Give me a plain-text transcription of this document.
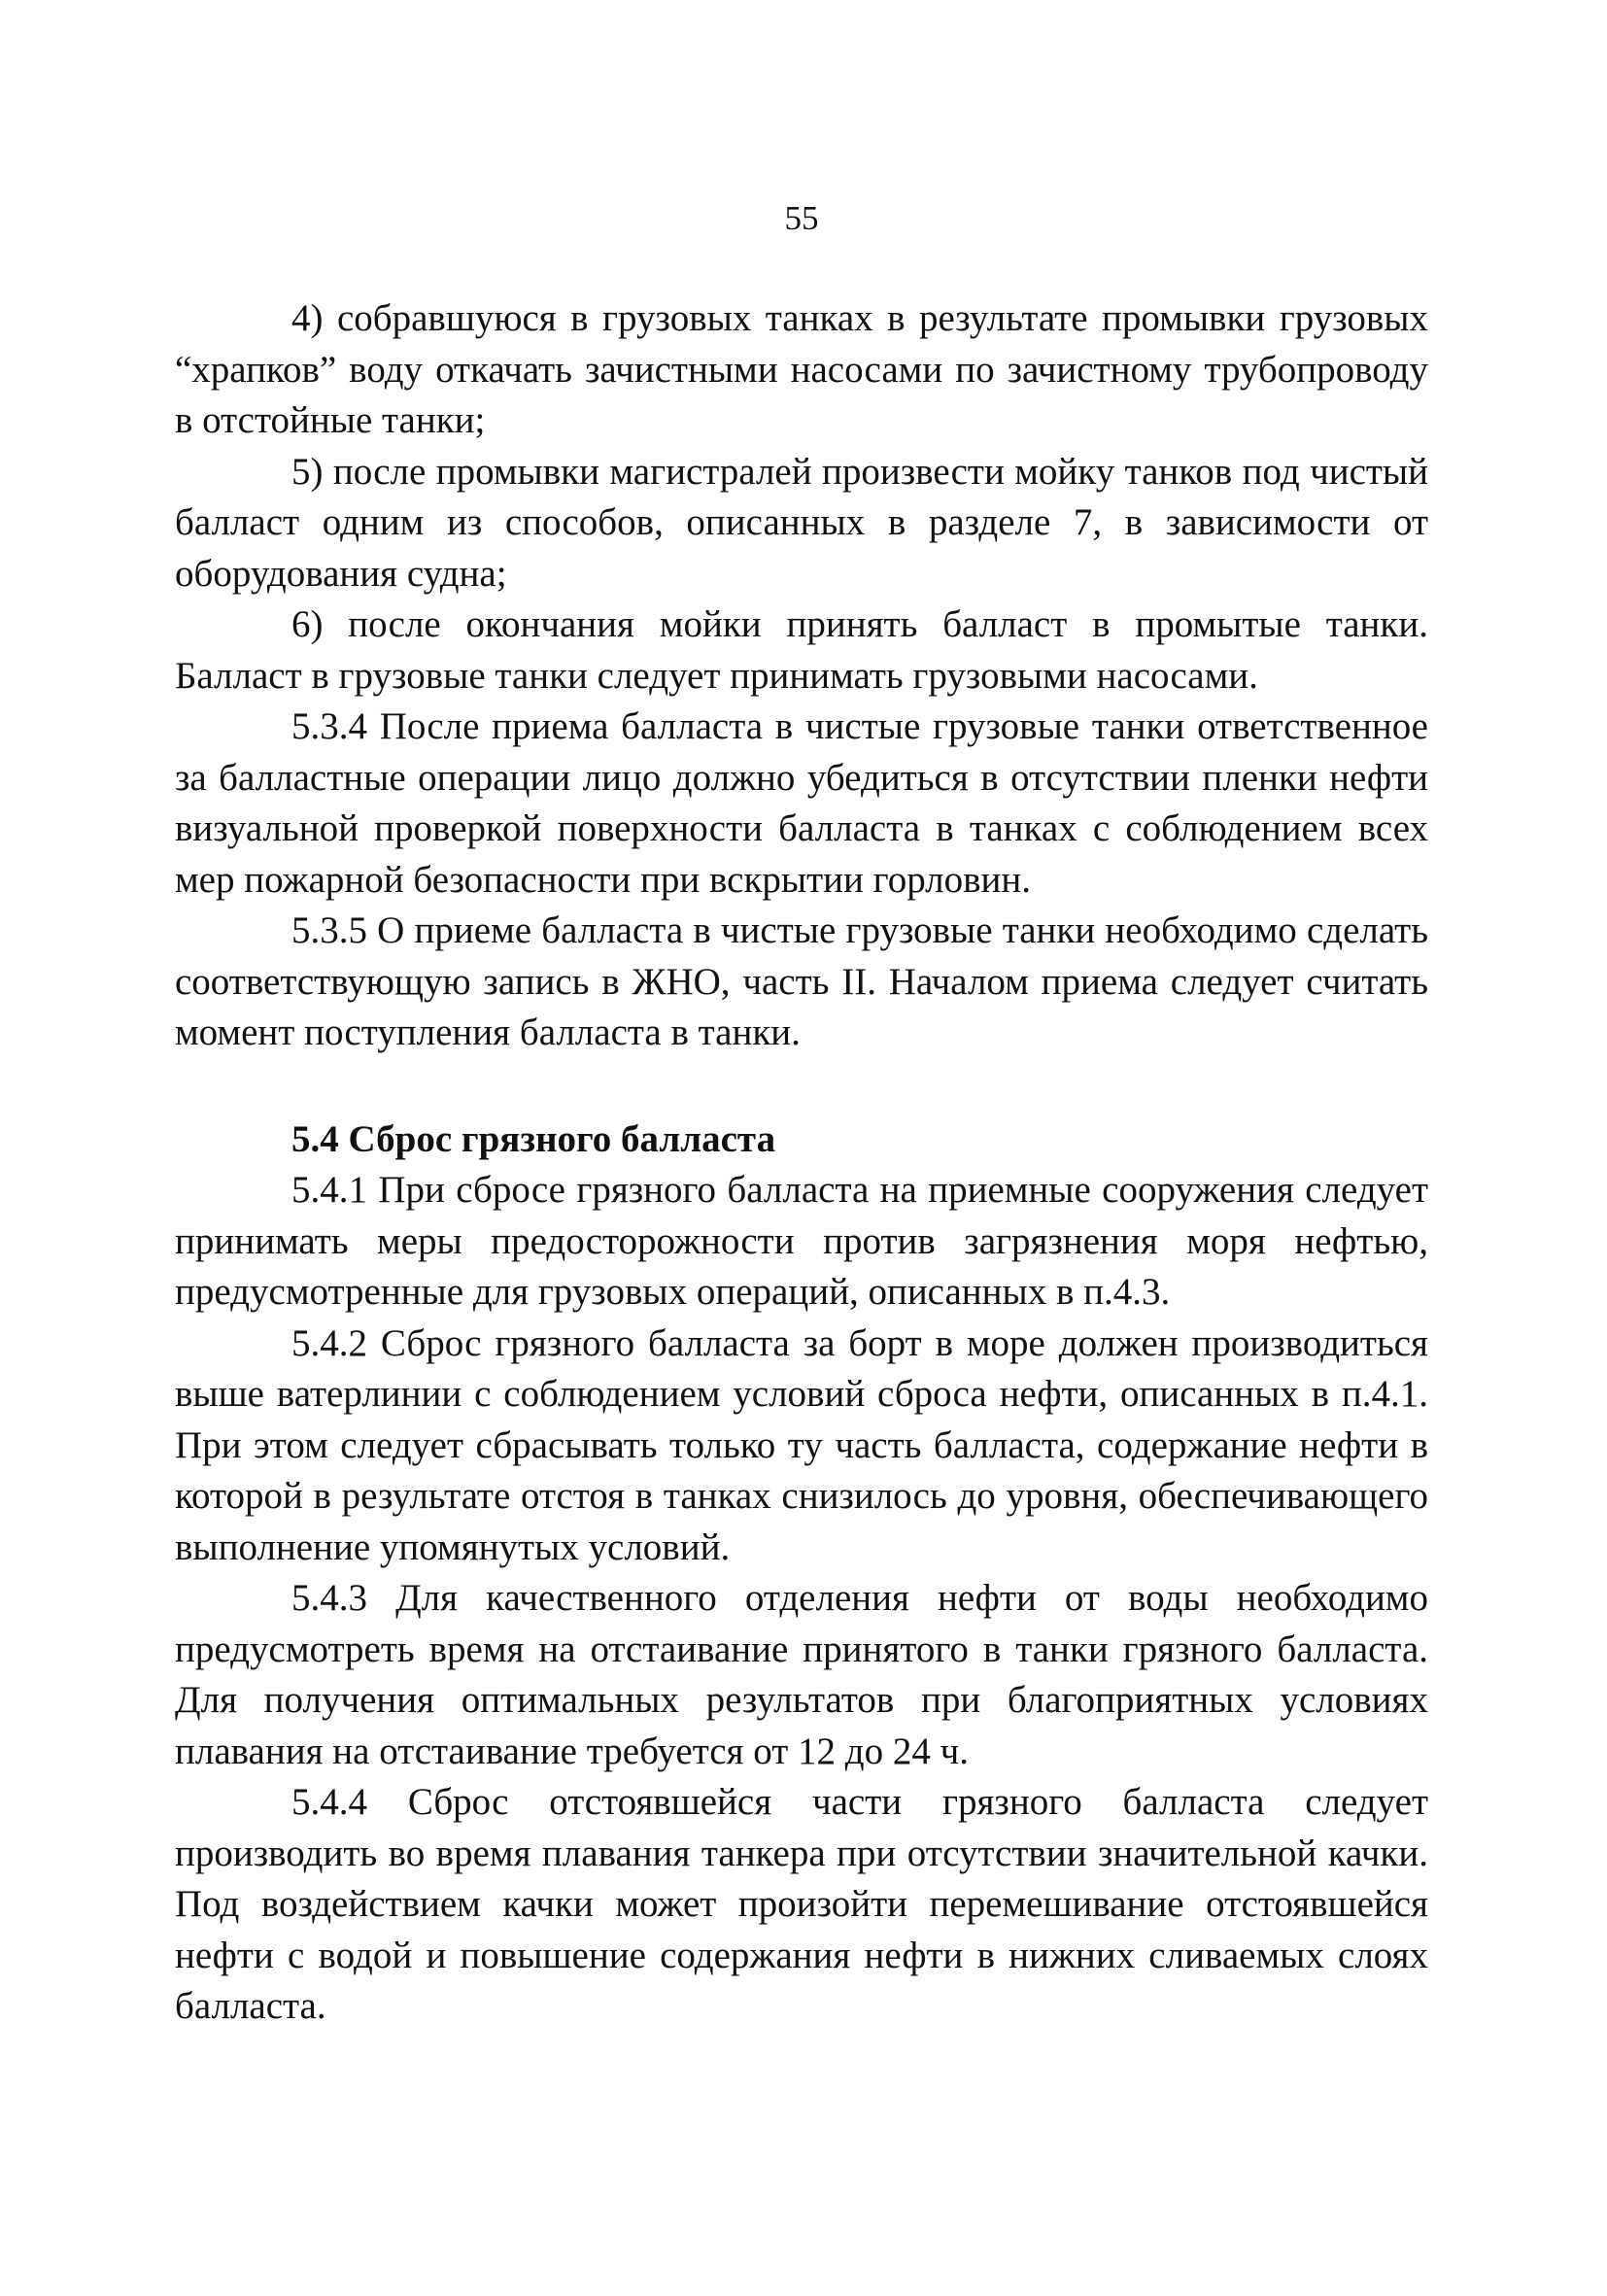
55

4) собравшуюся в грузовых танках в результате промывки грузовых “храпков” воду откачать зачистными насосами по зачистному трубопроводу в отстойные танки;

5) после промывки магистралей произвести мойку танков под чистый балласт одним из способов, описанных в разделе 7, в зависимости от оборудования судна;

6) после окончания мойки принять балласт в промытые танки. Балласт в грузовые танки следует принимать грузовыми насосами.

5.3.4 После приема балласта в чистые грузовые танки ответственное за балластные операции лицо должно убедиться в отсутствии пленки нефти визуальной проверкой поверхности балласта в танках с соблюдением всех мер пожарной безопасности при вскрытии горловин.

5.3.5 О приеме балласта в чистые грузовые танки необходимо сделать соответствующую запись в ЖНО, часть II. Началом приема следует считать момент поступления балласта в танки.

5.4 Сброс грязного балласта

5.4.1 При сбросе грязного балласта на приемные сооружения следует принимать меры предосторожности против загрязнения моря нефтью, предусмотренные для грузовых операций, описанных в п.4.3.

5.4.2 Сброс грязного балласта за борт в море должен производиться выше ватерлинии с соблюдением условий сброса нефти, описанных в п.4.1. При этом следует сбрасывать только ту часть балласта, содержание нефти в которой в результате отстоя в танках снизилось до уровня, обеспечивающего выполнение упомянутых условий.

5.4.3 Для качественного отделения нефти от воды необходимо предусмотреть время на отстаивание принятого в танки грязного балласта. Для получения оптимальных результатов при благоприятных условиях плавания на отстаивание требуется от 12 до 24 ч.

5.4.4 Сброс отстоявшейся части грязного балласта следует производить во время плавания танкера при отсутствии значительной качки. Под воздействием качки может произойти перемешивание отстоявшейся нефти с водой и повышение содержания нефти в нижних сливаемых слоях балласта.
